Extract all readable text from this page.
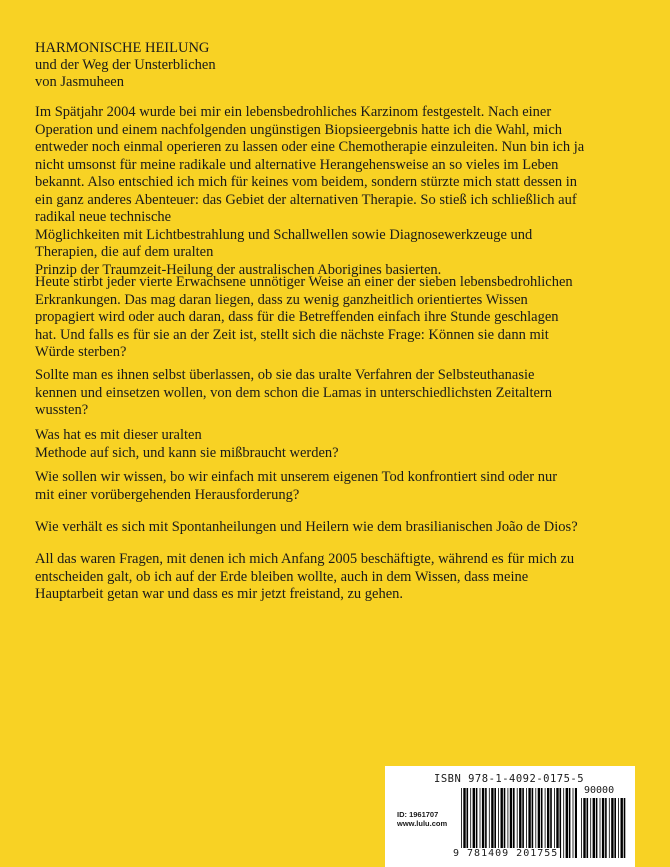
HARMONISCHE HEILUNG
und der Weg der Unsterblichen
von Jasmuheen

Im Spätjahr 2004 wurde bei mir ein lebensbedrohliches Karzinom festgestelt. Nach einer

Operation und einem nachfolgenden ungünstigen Biopsieergebnis hatte ich die Wahl, mich

entweder noch einmal operieren zu lassen oder eine Chemotherapie einzuleiten. Nun bin ich ja

nicht umsonst für meine radikale und alternative Herangehensweise an so vieles im Leben

bekannt. Also entschied ich mich für keines vom beidem, sondern stürzte mich statt dessen in

ein ganz anderes Abenteuer: das Gebiet der alternativen Therapie. So stieß ich schließlich auf

radikal neue technische

Möglichkeiten mit Lichtbestrahlung und Schallwellen sowie Diagnosewerkzeuge und

Therapien, die auf dem uralten

Prinzip der Traumzeit-Heilung der australischen Aborigines basierten.

Heute stirbt jeder vierte Erwachsene unnötiger Weise an einer der sieben lebensbedrohlichen

Erkrankungen. Das mag daran liegen, dass zu wenig ganzheitlich orientiertes Wissen

propagiert wird oder auch daran, dass für die Betreffenden einfach ihre Stunde geschlagen

hat. Und falls es für sie an der Zeit ist, stellt sich die nächste Frage: Können sie dann mit

Würde sterben?

Sollte man es ihnen selbst überlassen, ob sie das uralte Verfahren der Selbsteuthanasie

kennen und einsetzen wollen, von dem schon die Lamas in unterschiedlichsten Zeitaltern

wussten?

Was hat es mit dieser uralten

Methode auf sich, und kann sie mißbraucht werden?

Wie sollen wir wissen, bo wir einfach mit unserem eigenen Tod konfrontiert sind oder nur

mit einer vorübergehenden Herausforderung?

Wie verhält es sich mit Spontanheilungen und Heilern wie dem brasilianischen João de Dios?

All das waren Fragen, mit denen ich mich Anfang 2005 beschäftigte, während es für mich zu

entscheiden galt, ob ich auf der Erde bleiben wollte, auch in dem Wissen, dass meine

Hauptarbeit getan war und dass es mir jetzt freistand, zu gehen.

ISBN 978-1-4092-0175-5
ID: 1961707
www.lulu.com
90000
9 781409 201755
